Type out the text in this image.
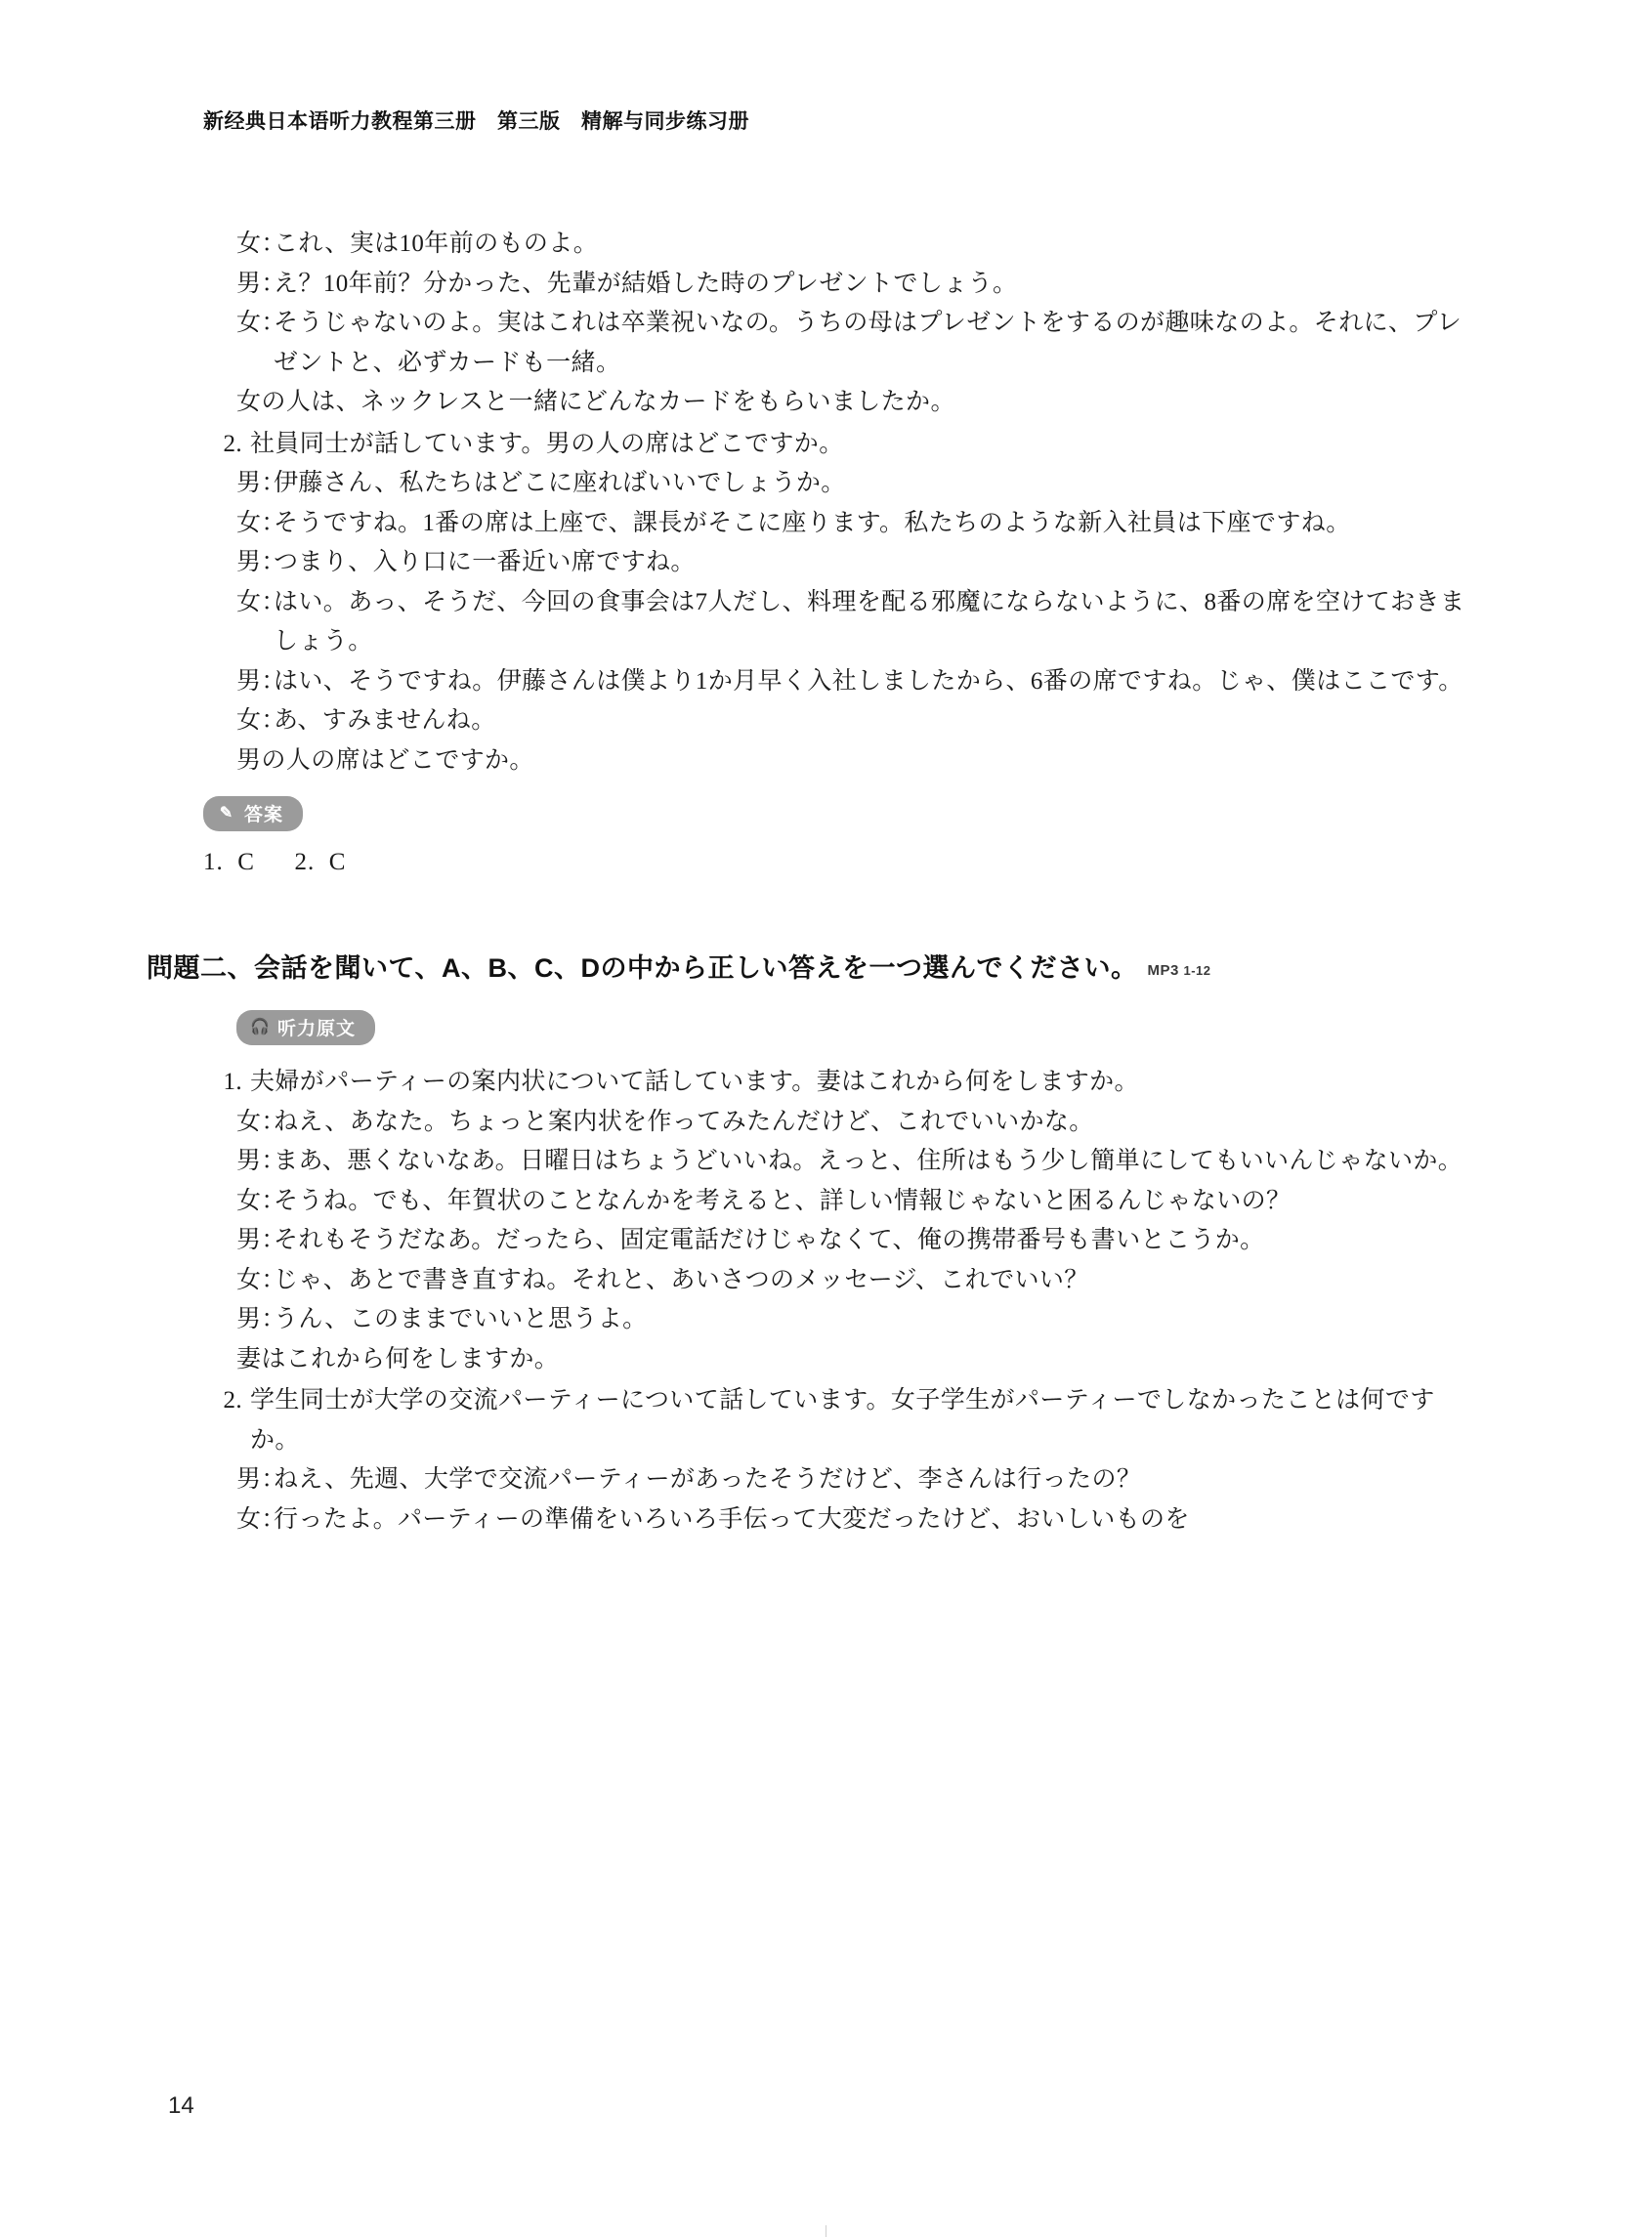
新经典日本语听力教程第三册　第三版　精解与同步练习册
女：
これ、実は10年前のものよ。
男：
え？10年前？分かった、先輩が結婚した時のプレゼントでしょう。
女：
そうじゃないのよ。実はこれは卒業祝いなの。うちの母はプレゼントをするのが趣味なのよ。それに、プレゼントと、必ずカードも一緒。
女の人は、ネックレスと一緒にどんなカードをもらいましたか。
2. 社員同士が話しています。男の人の席はどこですか。
男：
伊藤さん、私たちはどこに座ればいいでしょうか。
女：
そうですね。1番の席は上座で、課長がそこに座ります。私たちのような新入社員は下座ですね。
男：
つまり、入り口に一番近い席ですね。
女：
はい。あっ、そうだ、今回の食事会は7人だし、料理を配る邪魔にならないように、8番の席を空けておきましょう。
男：
はい、そうですね。伊藤さんは僕より1か月早く入社しましたから、6番の席ですね。じゃ、僕はここです。
女：
あ、すみませんね。
男の人の席はどこですか。
✎ 答案
1. C 2. C
問題二、会話を聞いて、A、B、C、Dの中から正しい答えを一つ選んでください。 MP3 1-12
🎧 听力原文
1. 夫婦がパーティーの案内状について話しています。妻はこれから何をしますか。
女：
ねえ、あなた。ちょっと案内状を作ってみたんだけど、これでいいかな。
男：
まあ、悪くないなあ。日曜日はちょうどいいね。えっと、住所はもう少し簡単にしてもいいんじゃないか。
女：
そうね。でも、年賀状のことなんかを考えると、詳しい情報じゃないと困るんじゃないの？
男：
それもそうだなあ。だったら、固定電話だけじゃなくて、俺の携帯番号も書いとこうか。
女：
じゃ、あとで書き直すね。それと、あいさつのメッセージ、これでいい？
男：
うん、このままでいいと思うよ。
妻はこれから何をしますか。
2. 学生同士が大学の交流パーティーについて話しています。女子学生がパーティーでしなかったことは何ですか。
男：
ねえ、先週、大学で交流パーティーがあったそうだけど、李さんは行ったの？
女：
行ったよ。パーティーの準備をいろいろ手伝って大変だったけど、おいしいものを
14
